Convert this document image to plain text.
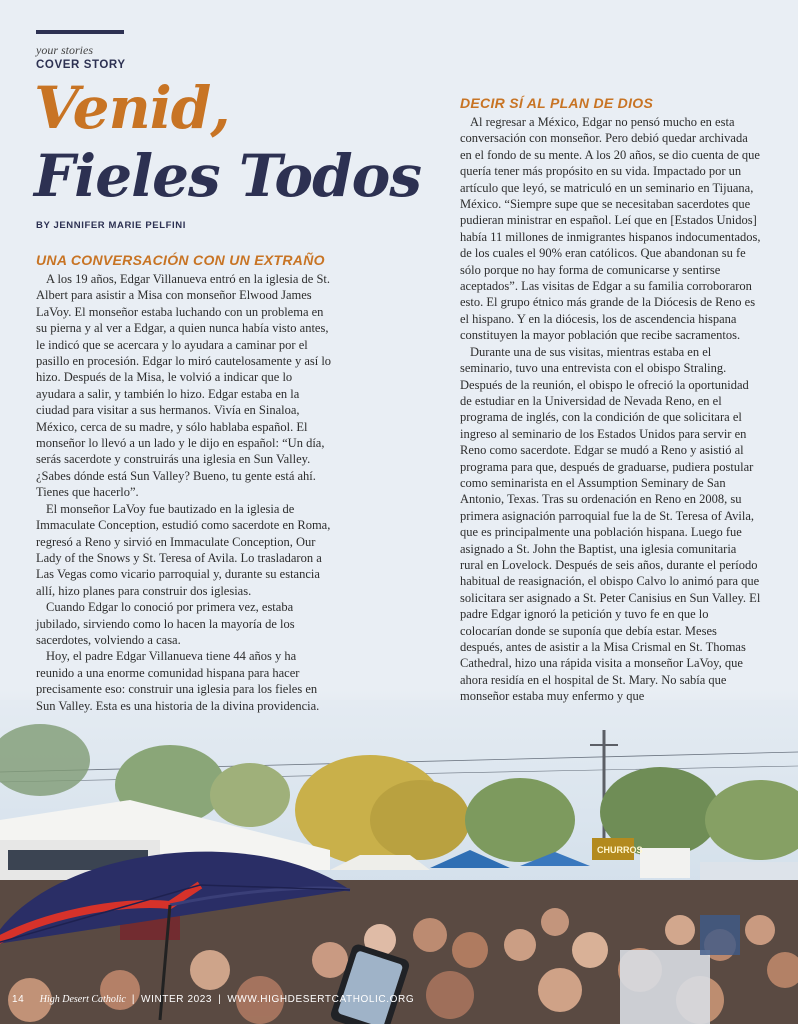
CHURROS
your stories
COVER STORY
Venid,
Fieles Todos
BY JENNIFER MARIE PELFINI
UNA CONVERSACIÓN CON UN EXTRAÑO

A los 19 años, Edgar Villanueva entró en la iglesia de St. Albert para asistir a Misa con monseñor Elwood James LaVoy. El monseñor estaba luchando con un problema en su pierna y al ver a Edgar, a quien nunca había visto antes, le indicó que se acercara y lo ayudara a caminar por el pasillo en procesión. Edgar lo miró cautelosamente y así lo hizo. Después de la Misa, le volvió a indicar que lo ayudara a salir, y también lo hizo. Edgar estaba en la ciudad para visitar a sus hermanos. Vivía en Sinaloa, México, cerca de su madre, y sólo hablaba español. El monseñor lo llevó a un lado y le dijo en español: “Un día, serás sacerdote y construirás una iglesia en Sun Valley. ¿Sabes dónde está Sun Valley? Bueno, tu gente está ahí. Tienes que hacerlo”.

El monseñor LaVoy fue bautizado en la iglesia de Immaculate Conception, estudió como sacerdote en Roma, regresó a Reno y sirvió en Immaculate Conception, Our Lady of the Snows y St. Teresa of Avila. Lo trasladaron a Las Vegas como vicario parroquial y, durante su estancia allí, hizo planes para construir dos iglesias.

Cuando Edgar lo conoció por primera vez, estaba jubilado, sirviendo como lo hacen la mayoría de los sacerdotes, volviendo a casa.

Hoy, el padre Edgar Villanueva tiene 44 años y ha reunido a una enorme comunidad hispana para hacer precisamente eso: construir una iglesia para los fieles en Sun Valley. Esta es una historia de la divina providencia.

DECIR SÍ AL PLAN DE DIOS

Al regresar a México, Edgar no pensó mucho en esta conversación con monseñor. Pero debió quedar archivada en el fondo de su mente. A los 20 años, se dio cuenta de que quería tener más propósito en su vida. Impactado por un artículo que leyó, se matriculó en un seminario en Tijuana, México. “Siempre supe que se necesitaban sacerdotes que pudieran ministrar en español. Leí que en [Estados Unidos] había 11 millones de inmigrantes hispanos indocumentados, de los cuales el 90% eran católicos. Que abandonan su fe sólo porque no hay forma de comunicarse y sentirse aceptados”. Las visitas de Edgar a su familia corroboraron esto. El grupo étnico más grande de la Diócesis de Reno es el hispano. Y en la diócesis, los de ascendencia hispana constituyen la mayor población que recibe sacramentos.

Durante una de sus visitas, mientras estaba en el seminario, tuvo una entrevista con el obispo Straling. Después de la reunión, el obispo le ofreció la oportunidad de estudiar en la Universidad de Nevada Reno, en el programa de inglés, con la condición de que solicitara el ingreso al seminario de los Estados Unidos para servir en Reno como sacerdote. Edgar se mudó a Reno y asistió al programa para que, después de graduarse, pudiera postular como seminarista en el Assumption Seminary de San Antonio, Texas. Tras su ordenación en Reno en 2008, su primera asignación parroquial fue la de St. Teresa of Avila, que es principalmente una población hispana. Luego fue asignado a St. John the Baptist, una iglesia comunitaria rural en Lovelock. Después de seis años, durante el período habitual de reasignación, el obispo Calvo lo animó para que solicitara ser asignado a St. Peter Canisius en Sun Valley. El padre Edgar ignoró la petición y tuvo fe en que lo colocarían donde se suponía que debía estar. Meses después, antes de asistir a la Misa Crismal en St. Thomas Cathedral, hizo una rápida visita a monseñor LaVoy, que ahora residía en el hospital de St. Mary. No sabía que monseñor estaba muy enfermo y que

14 High Desert Catholic | WINTER 2023 | WWW.HIGHDESERTCATHOLIC.ORG
